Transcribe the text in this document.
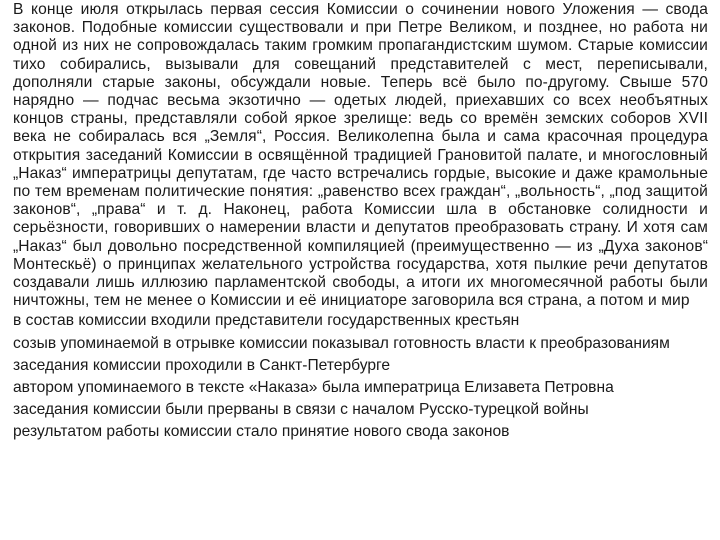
В конце июля открылась первая сессия Комиссии о сочинении нового Уложения — свода законов. Подобные комиссии существовали и при Петре Великом, и позднее, но работа ни одной из них не сопровождалась таким громким пропагандистским шумом. Старые комиссии тихо собирались, вызывали для совещаний представителей с мест, переписывали, дополняли старые законы, обсуждали новые. Теперь всё было по-другому. Свыше 570 нарядно — подчас весьма экзотично — одетых людей, приехавших со всех необъятных концов страны, представляли собой яркое зрелище: ведь со времён земских соборов XVII века не собиралась вся „Земля“, Россия. Великолепна была и сама красочная процедура открытия заседаний Комиссии в освящённой традицией Грановитой палате, и многословный „Наказ“ императрицы депутатам, где часто встречались гордые, высокие и даже крамольные по тем временам политические понятия: „равенство всех граждан“, „вольность“, „под защитой законов“, „права“ и т. д. Наконец, работа Комиссии шла в обстановке солидности и серьёзности, говоривших о намерении власти и депутатов преобразовать страну. И хотя сам „Наказ“ был довольно посредственной компиляцией (преимущественно — из „Духа законов“ Монтескьё) о принципах желательного устройства государства, хотя пылкие речи депутатов создавали лишь иллюзию парламентской свободы, а итоги их многомесячной работы были ничтожны, тем не менее о Комиссии и её инициаторе заговорила вся страна, а потом и мир

в состав комиссии входили представители государственных крестьян
созыв упоминаемой в отрывке комиссии показывал готовность власти к преобразованиям
заседания комиссии проходили в Санкт-Петербурге
автором упоминаемого в тексте «Наказа» была императрица Елизавета Петровна
заседания комиссии были прерваны в связи с началом Русско-турецкой войны
результатом работы комиссии стало принятие нового свода законов
